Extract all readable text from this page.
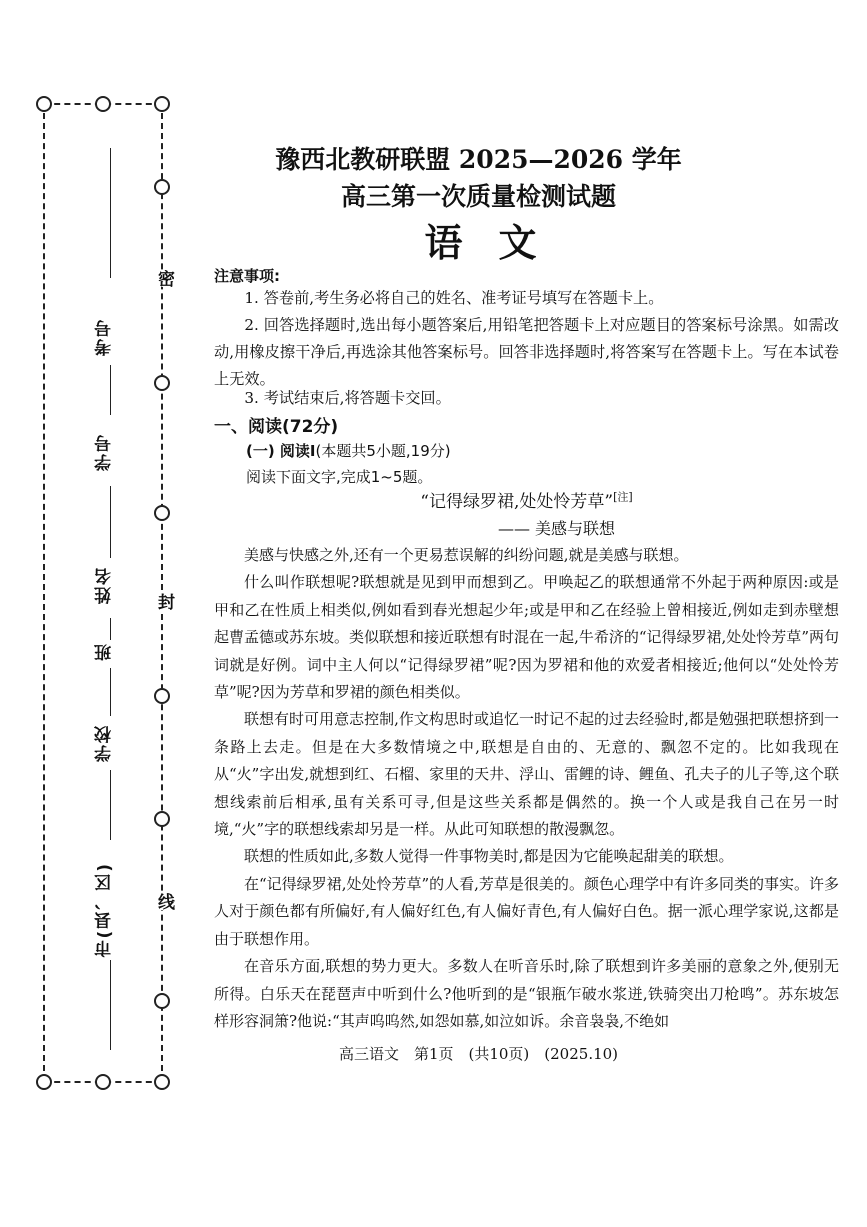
密
封
线
考号
学号
姓名
班
学校
市(县、区)
豫西北教研联盟 2025—2026 学年
高三第一次质量检测试题
语文
注意事项:
1. 答卷前,考生务必将自己的姓名、准考证号填写在答题卡上。
2. 回答选择题时,选出每小题答案后,用铅笔把答题卡上对应题目的答案标号涂黑。如需改动,用橡皮擦干净后,再选涂其他答案标号。回答非选择题时,将答案写在答题卡上。写在本试卷上无效。
3. 考试结束后,将答题卡交回。
一、阅读(72分)
(一) 阅读Ⅰ(本题共5小题,19分)
阅读下面文字,完成1~5题。
“记得绿罗裙,处处怜芳草”[注]
—— 美感与联想

美感与快感之外,还有一个更易惹误解的纠纷问题,就是美感与联想。

什么叫作联想呢?联想就是见到甲而想到乙。甲唤起乙的联想通常不外起于两种原因:或是甲和乙在性质上相类似,例如看到春光想起少年;或是甲和乙在经验上曾相接近,例如走到赤壁想起曹孟德或苏东坡。类似联想和接近联想有时混在一起,牛希济的“记得绿罗裙,处处怜芳草”两句词就是好例。词中主人何以“记得绿罗裙”呢?因为罗裙和他的欢爱者相接近;他何以“处处怜芳草”呢?因为芳草和罗裙的颜色相类似。

联想有时可用意志控制,作文构思时或追忆一时记不起的过去经验时,都是勉强把联想挤到一条路上去走。但是在大多数情境之中,联想是自由的、无意的、飘忽不定的。比如我现在从“火”字出发,就想到红、石榴、家里的天井、浮山、雷鲤的诗、鲤鱼、孔夫子的儿子等,这个联想线索前后相承,虽有关系可寻,但是这些关系都是偶然的。换一个人或是我自己在另一时境,“火”字的联想线索却另是一样。从此可知联想的散漫飘忽。

联想的性质如此,多数人觉得一件事物美时,都是因为它能唤起甜美的联想。

在“记得绿罗裙,处处怜芳草”的人看,芳草是很美的。颜色心理学中有许多同类的事实。许多人对于颜色都有所偏好,有人偏好红色,有人偏好青色,有人偏好白色。据一派心理学家说,这都是由于联想作用。

在音乐方面,联想的势力更大。多数人在听音乐时,除了联想到许多美丽的意象之外,便别无所得。白乐天在琵琶声中听到什么?他听到的是“银瓶乍破水浆迸,铁骑突出刀枪鸣”。苏东坡怎样形容洞箫?他说:“其声呜呜然,如怨如慕,如泣如诉。余音袅袅,不绝如

高三语文　第1页　(共10页)　(2025.10)
